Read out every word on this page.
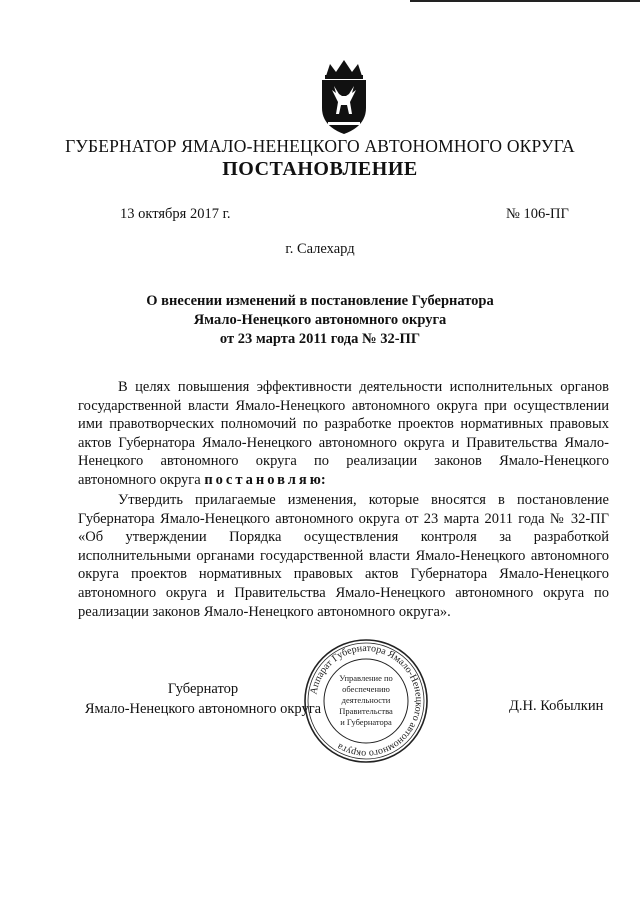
ГУБЕРНАТОР ЯМАЛО-НЕНЕЦКОГО АВТОНОМНОГО ОКРУГА
ПОСТАНОВЛЕНИЕ
13 октября 2017 г.	№ 106-ПГ
г. Салехард
О внесении изменений в постановление Губернатора
Ямало-Ненецкого автономного округа
от 23 марта 2011 года № 32-ПГ
В целях повышения эффективности деятельности исполнительных органов государственной власти Ямало-Ненецкого автономного округа при осуществлении ими правотворческих полномочий по разработке проектов нормативных правовых актов Губернатора Ямало-Ненецкого автономного округа и Правительства Ямало-Ненецкого автономного округа по реализации законов Ямало-Ненецкого автономного округа постановляю:
Утвердить прилагаемые изменения, которые вносятся в постановление Губернатора Ямало-Ненецкого автономного округа от 23 марта 2011 года № 32-ПГ «Об утверждении Порядка осуществления контроля за разработкой исполнительными органами государственной власти Ямало-Ненецкого автономного округа проектов нормативных правовых актов Губернатора Ямало-Ненецкого автономного округа и Правительства Ямало-Ненецкого автономного округа по реализации законов Ямало-Ненецкого автономного округа».
Губернатор
Ямало-Ненецкого автономного округа
Аппарат Губернатора Ямало-Ненецкого автономного округа
Управление по
обеспечению
деятельности
Правительства
и Губернатора
Д.Н. Кобылкин
